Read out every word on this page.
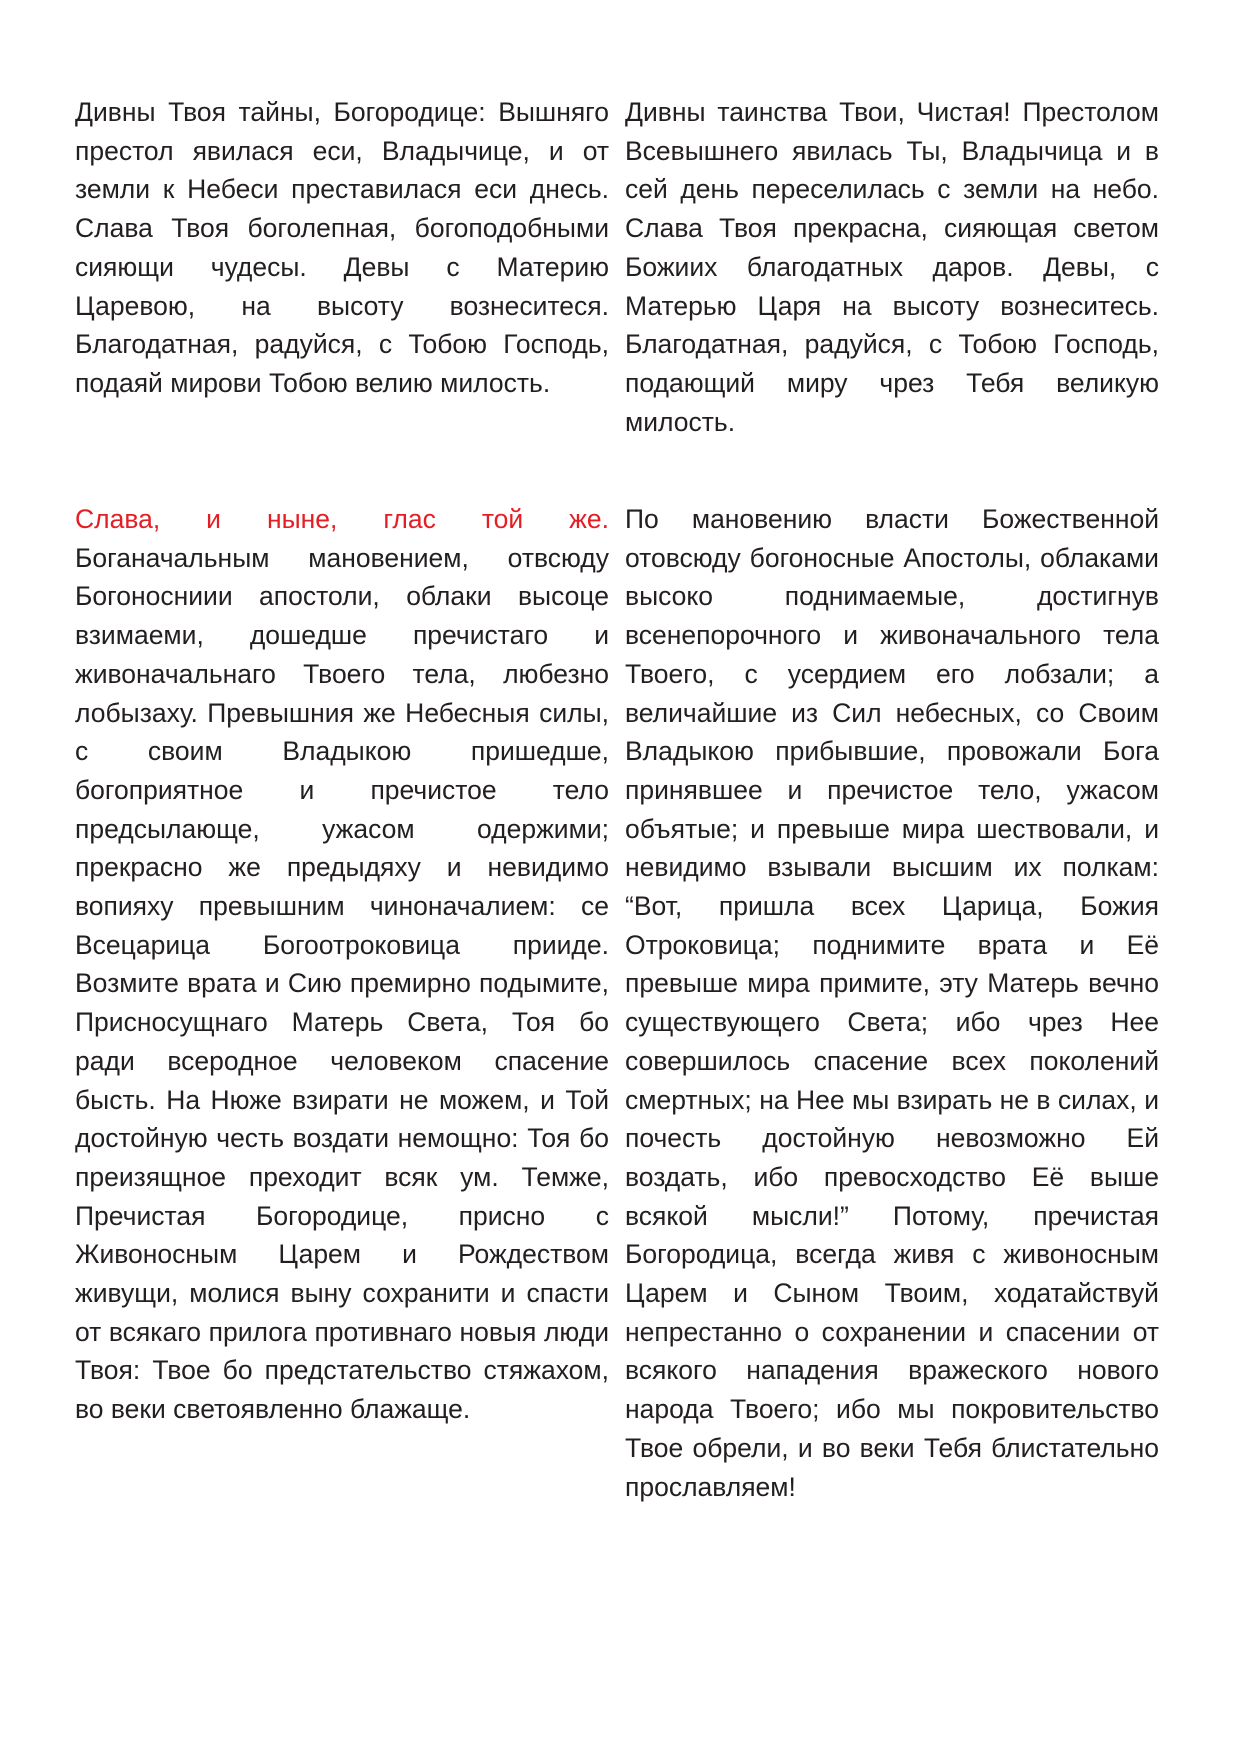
Дивны Твоя тайны, Богородице: Вышняго престол явилася еси, Владычице, и от земли к Небеси преставилася еси днесь. Слава Твоя боголепная, богоподобными сияющи чудесы. Девы с Материю Царевою, на высоту вознеситеся. Благодатная, радуйся, с Тобою Господь, подаяй мирови Тобою велию милость.

Дивны таинства Твои, Чистая! Престолом Всевышнего явилась Ты, Владычица и в сей день переселилась с земли на небо. Слава Твоя прекрасна, сияющая светом Божиих благодатных даров. Девы, с Матерью Царя на высоту вознеситесь. Благодатная, радуйся, с Тобою Господь, подающий миру чрез Тебя великую милость.

Слава, и ныне, глас той же. Боганачальным мановением, отвсюду Богоносниии апостоли, облаки высоце взимаеми, дошедше пречистаго и живоначальнаго Твоего тела, любезно лобызаху. Превышния же Небесныя силы, с своим Владыкою пришедше, богоприятное и пречистое тело предсылающе, ужасом одержими; прекрасно же предыдяху и невидимо вопияху превышним чиноначалием: се Всецарица Богоотроковица прииде. Возмите врата и Сию премирно подымите, Присносущнаго Матерь Света, Тоя бо ради всеродное человеком спасение бысть. На Нюже взирати не можем, и Той достойную честь воздати немощно: Тоя бо преизящное преходит всяк ум. Темже, Пречистая Богородице, присно с Живоносным Царем и Рождеством живущи, молися выну сохранити и спасти от всякаго прилога противнаго новыя люди Твоя: Твое бо предстательство стяжахом, во веки светоявленно блажаще.

По мановению власти Божественной отовсюду богоносные Апостолы, облаками высоко поднимаемые, достигнув всенепорочного и живоначального тела Твоего, с усердием его лобзали; а величайшие из Сил небесных, со Своим Владыкою прибывшие, провожали Бога принявшее и пречистое тело, ужасом объятые; и превыше мира шествовали, и невидимо взывали высшим их полкам: “Вот, пришла всех Царица, Божия Отроковица; поднимите врата и Её превыше мира примите, эту Матерь вечно существующего Света; ибо чрез Нее совершилось спасение всех поколений смертных; на Нее мы взирать не в силах, и почесть достойную невозможно Ей воздать, ибо превосходство Её выше всякой мысли!” Потому, пречистая Богородица, всегда живя с живоносным Царем и Сыном Твоим, ходатайствуй непрестанно о сохранении и спасении от всякого нападения вражеского нового народа Твоего; ибо мы покровительство Твое обрели, и во веки Тебя блистательно прославляем!
